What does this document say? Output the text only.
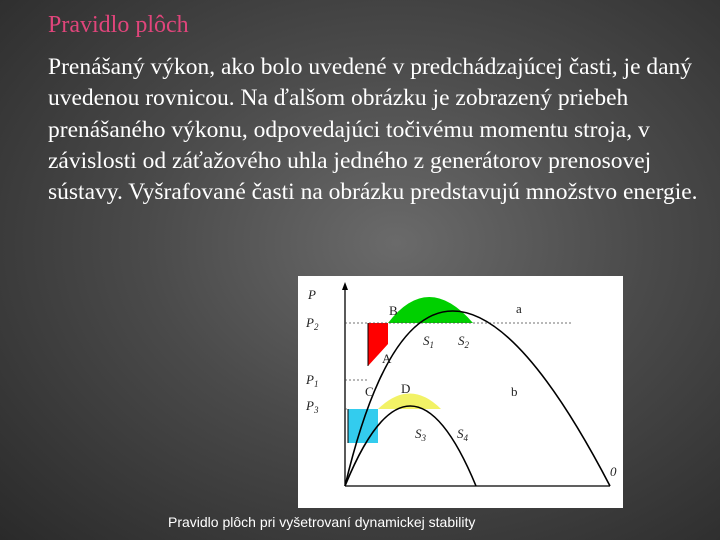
Pravidlo plôch
Prenášaný výkon, ako bolo uvedené v predchádzajúcej časti, je daný uvedenou rovnicou. Na ďalšom obrázku je zobrazený priebeh prenášaného výkonu, odpovedajúci točivému momentu stroja, v závislosti od záťažového uhla jedného z generátorov prenosovej sústavy. Vyšrafované časti na obrázku predstavujú množstvo energie.
P
$P_2$
$P_1$
$P_3$
0
A
B
C D
a
b
$S_1$ $S_2$
$S_3$ $S_4$
Pravidlo plôch pri vyšetrovaní dynamickej stability
